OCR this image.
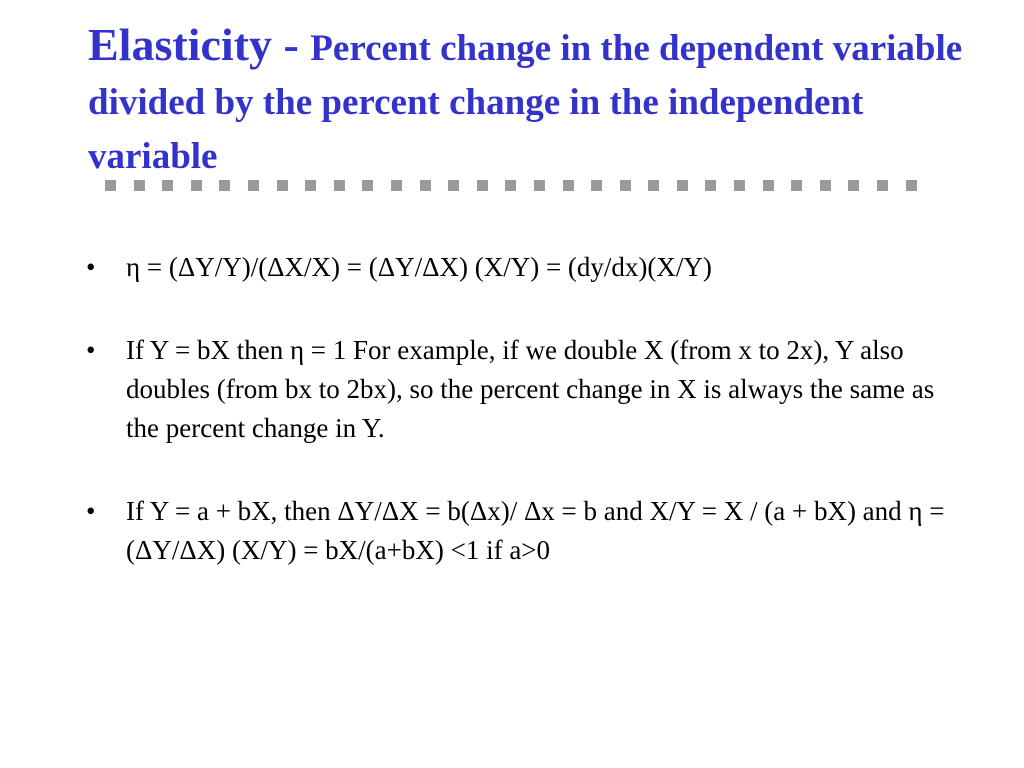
Elasticity - Percent change in the dependent variable divided by the percent change in the independent variable
• η = (ΔY/Y)/(ΔX/X) = (ΔY/ΔX) (X/Y) = (dy/dx)(X/Y)
• If Y = bX then η = 1 For example, if we double X (from x to 2x), Y also doubles (from bx to 2bx), so the percent change in X is always the same as the percent change in Y.
• If Y = a + bX, then ΔY/ΔX = b(Δx)/ Δx = b and X/Y = X / (a + bX) and η = (ΔY/ΔX) (X/Y) = bX/(a+bX) <1 if a>0
